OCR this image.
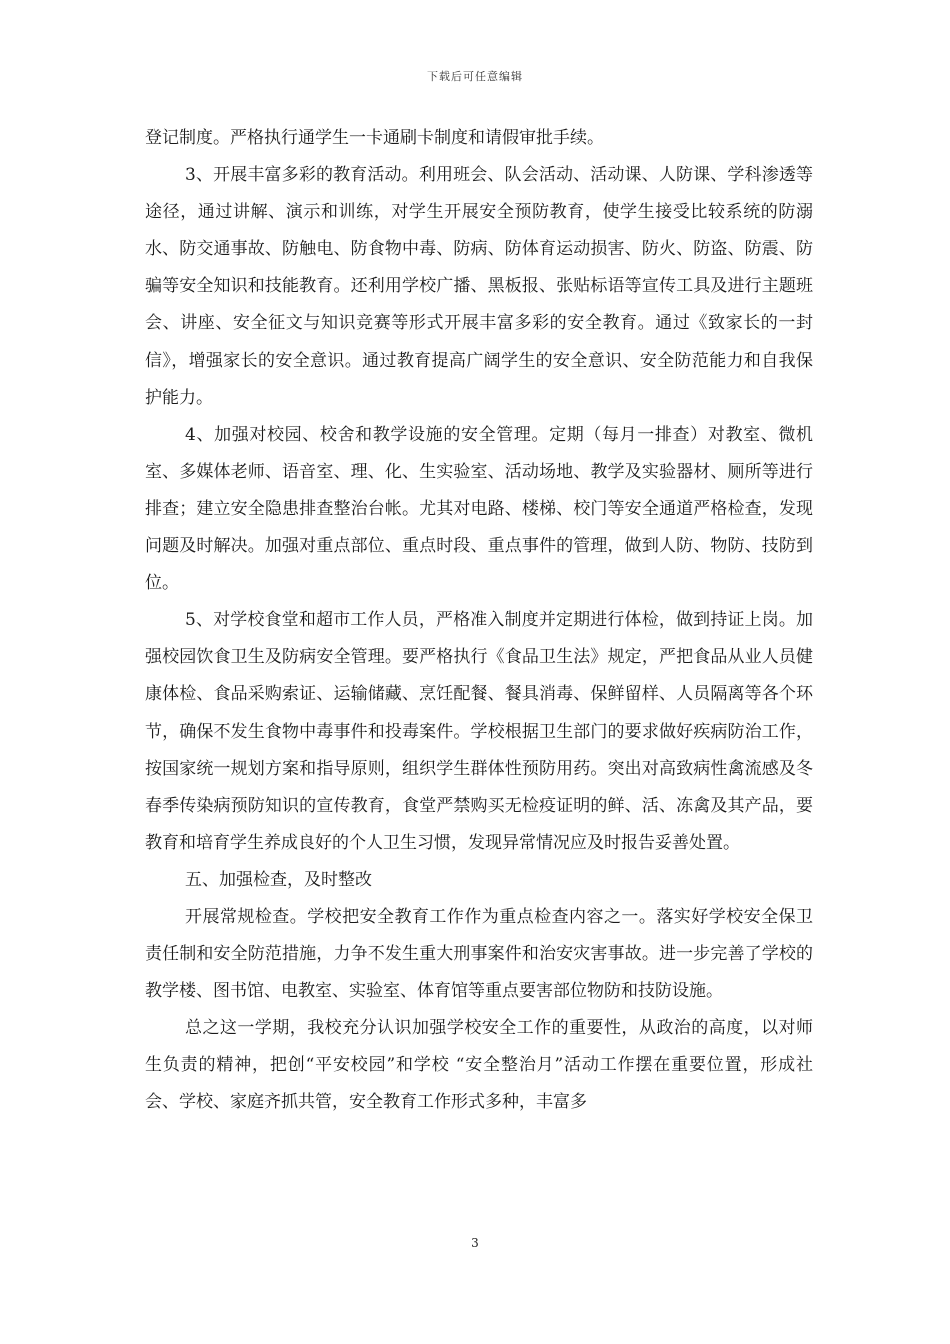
下载后可任意编辑

登记制度。严格执行通学生一卡通刷卡制度和请假审批手续。

3、开展丰富多彩的教育活动。利用班会、队会活动、活动课、人防课、学科渗透等途径，通过讲解、演示和训练，对学生开展安全预防教育，使学生接受比较系统的防溺水、防交通事故、防触电、防食物中毒、防病、防体育运动损害、防火、防盗、防震、防骗等安全知识和技能教育。还利用学校广播、黑板报、张贴标语等宣传工具及进行主题班会、讲座、安全征文与知识竞赛等形式开展丰富多彩的安全教育。通过《致家长的一封信》，增强家长的安全意识。通过教育提高广阔学生的安全意识、安全防范能力和自我保护能力。

4、加强对校园、校舍和教学设施的安全管理。定期（每月一排查）对教室、微机室、多媒体老师、语音室、理、化、生实验室、活动场地、教学及实验器材、厕所等进行排查；建立安全隐患排查整治台帐。尤其对电路、楼梯、校门等安全通道严格检查，发现问题及时解决。加强对重点部位、重点时段、重点事件的管理，做到人防、物防、技防到位。

5、对学校食堂和超市工作人员，严格准入制度并定期进行体检，做到持证上岗。加强校园饮食卫生及防病安全管理。要严格执行《食品卫生法》规定，严把食品从业人员健康体检、食品采购索证、运输储藏、烹饪配餐、餐具消毒、保鲜留样、人员隔离等各个环节，确保不发生食物中毒事件和投毒案件。学校根据卫生部门的要求做好疾病防治工作，按国家统一规划方案和指导原则，组织学生群体性预防用药。突出对高致病性禽流感及冬春季传染病预防知识的宣传教育，食堂严禁购买无检疫证明的鲜、活、冻禽及其产品，要教育和培育学生养成良好的个人卫生习惯，发现异常情况应及时报告妥善处置。

五、加强检查，及时整改

开展常规检查。学校把安全教育工作作为重点检查内容之一。落实好学校安全保卫责任制和安全防范措施，力争不发生重大刑事案件和治安灾害事故。进一步完善了学校的教学楼、图书馆、电教室、实验室、体育馆等重点要害部位物防和技防设施。

总之这一学期，我校充分认识加强学校安全工作的重要性，从政治的高度，以对师生负责的精神，把创“平安校园”和学校 “安全整治月”活动工作摆在重要位置，形成社会、学校、家庭齐抓共管，安全教育工作形式多种，丰富多

3
